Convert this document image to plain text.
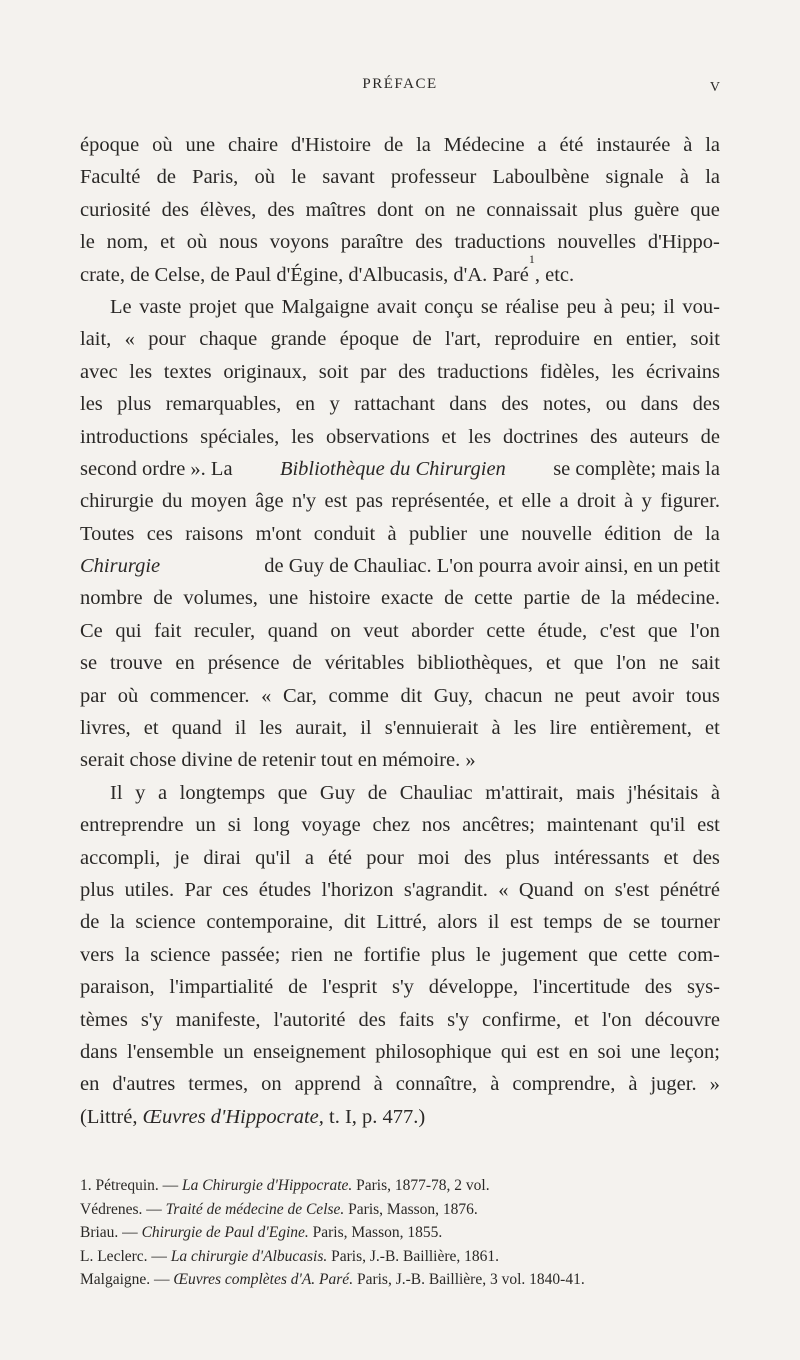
PRÉFACE	V
époque où une chaire d'Histoire de la Médecine a été instaurée à la
Faculté de Paris, où le savant professeur Laboulbène signale à la
curiosité des élèves, des maîtres dont on ne connaissait plus guère que
le nom, et où nous voyons paraître des traductions nouvelles d'Hippo-
crate, de Celse, de Paul d'Égine, d'Albucasis, d'A. Paré
1
, etc.
Le vaste projet que Malgaigne avait conçu se réalise peu à peu; il vou-
lait, « pour chaque grande époque de l'art, reproduire en entier, soit
avec les textes originaux, soit par des traductions fidèles, les écrivains
les plus remarquables, en y rattachant dans des notes, ou dans des
introductions spéciales, les observations et les doctrines des auteurs de
second ordre ». La Bibliothèque du Chirurgien se complète; mais la
chirurgie du moyen âge n'y est pas représentée, et elle a droit à y figurer.
Toutes ces raisons m'ont conduit à publier une nouvelle édition de la
Chirurgie	de Guy de Chauliac. L'on pourra avoir ainsi, en un petit
nombre de volumes, une histoire exacte de cette partie de la médecine.
Ce qui fait reculer, quand on veut aborder cette étude, c'est que l'on
se trouve en présence de véritables bibliothèques, et que l'on ne sait
par où commencer. « Car, comme dit Guy, chacun ne peut avoir tous
livres, et quand il les aurait, il s'ennuierait à les lire entièrement, et
serait chose divine de retenir tout en mémoire. »
Il y a longtemps que Guy de Chauliac m'attirait, mais j'hésitais à
entreprendre un si long voyage chez nos ancêtres; maintenant qu'il est
accompli, je dirai qu'il a été pour moi des plus intéressants et des
plus utiles. Par ces études l'horizon s'agrandit. « Quand on s'est pénétré
de la science contemporaine, dit Littré, alors il est temps de se tourner
vers la science passée; rien ne fortifie plus le jugement que cette com-
paraison, l'impartialité de l'esprit s'y développe, l'incertitude des sys-
tèmes s'y manifeste, l'autorité des faits s'y confirme, et l'on découvre
dans l'ensemble un enseignement philosophique qui est en soi une leçon;
en d'autres termes, on apprend à connaître, à comprendre, à juger. »
(Littré,
Œuvres d'Hippocrate,
t. I, p. 477.)
1. Pétrequin. — La Chirurgie d'Hippocrate. Paris, 1877-78, 2 vol.
Védrenes. — Traité de médecine de Celse. Paris, Masson, 1876.
Briau. — Chirurgie de Paul d'Egine. Paris, Masson, 1855.
L. Leclerc. — La chirurgie d'Albucasis. Paris, J.-B. Baillière, 1861.
Malgaigne. — Œuvres complètes d'A. Paré. Paris, J.-B. Baillière, 3 vol. 1840-41.
